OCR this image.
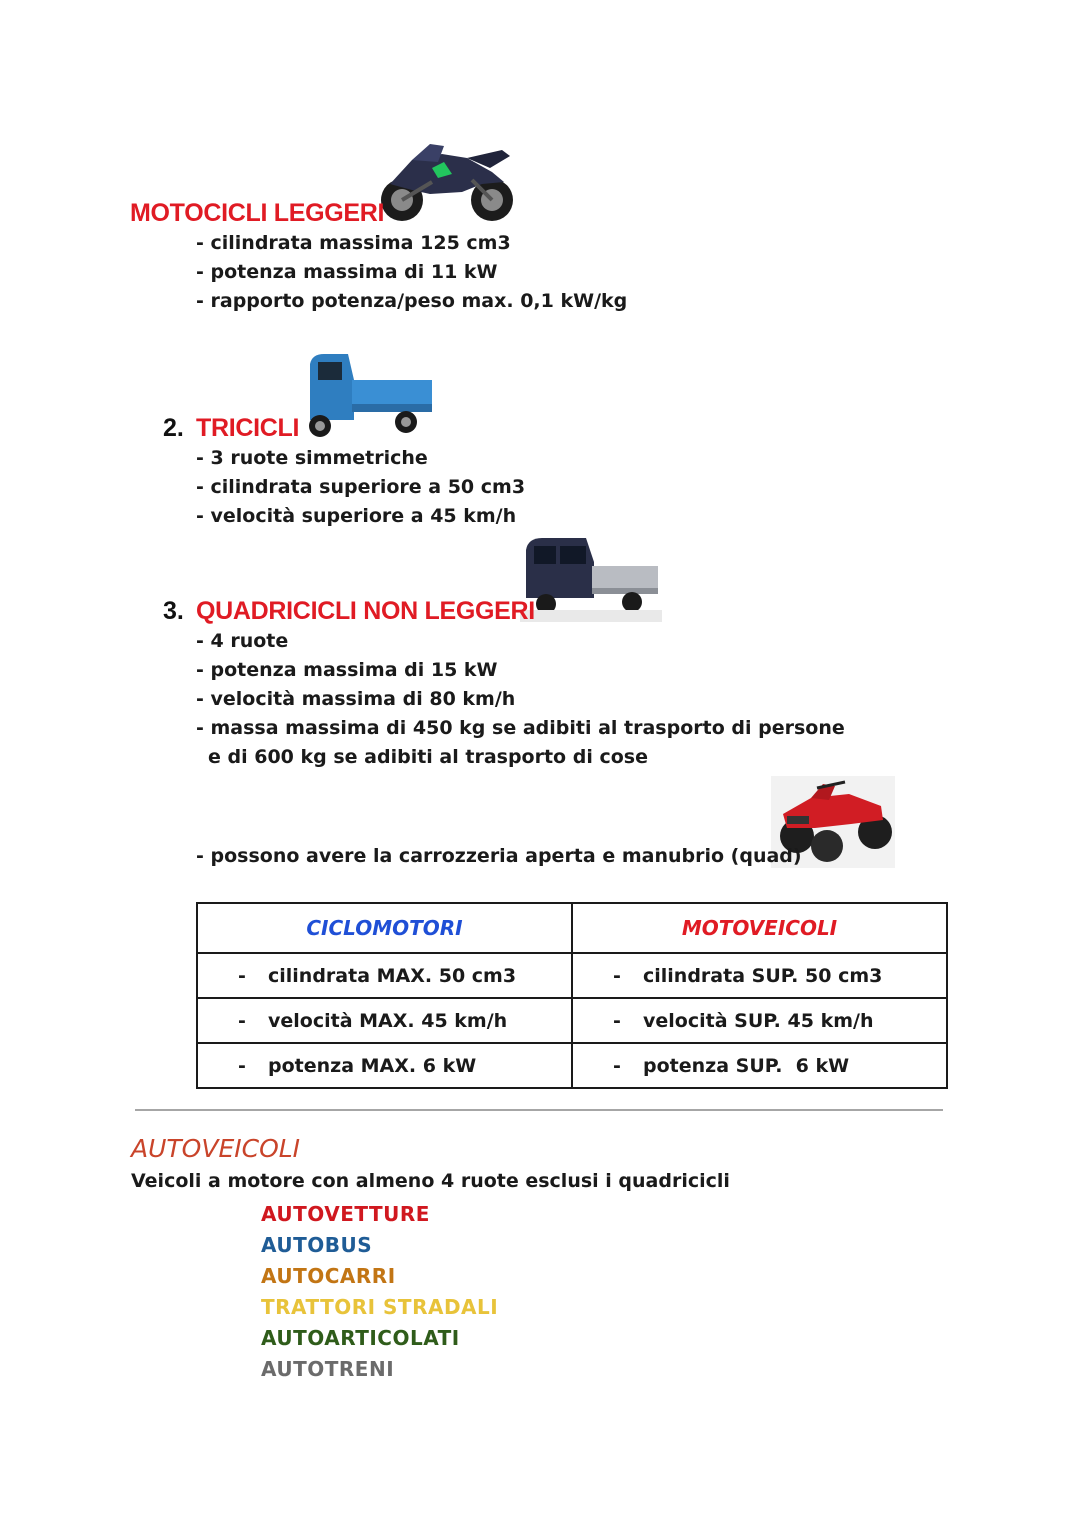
MOTOCICLI LEGGERI
- cilindrata massima 125 cm3
- potenza massima di 11 kW
- rapporto potenza/peso max. 0,1 kW/kg
2. TRICICLI
- 3 ruote simmetriche
- cilindrata superiore a 50 cm3
- velocità superiore a 45 km/h
3. QUADRICICLI NON LEGGERI
- 4 ruote
- potenza massima di 15 kW
- velocità massima di 80 km/h
- massa massima di 450 kg se adibiti al trasporto di persone
e di 600 kg se adibiti al trasporto di cose
- possono avere la carrozzeria aperta e manubrio (quad)
CICLOMOTORI	MOTOVEICOLI
- cilindrata MAX. 50 cm3	- cilindrata SUP. 50 cm3
- velocità MAX. 45 km/h	- velocità SUP. 45 km/h
- potenza MAX. 6 kW	- potenza SUP.  6 kW
AUTOVEICOLI
Veicoli a motore con almeno 4 ruote esclusi i quadricicli
AUTOVETTURE
AUTOBUS
AUTOCARRI
TRATTORI STRADALI
AUTOARTICOLATI
AUTOTRENI
